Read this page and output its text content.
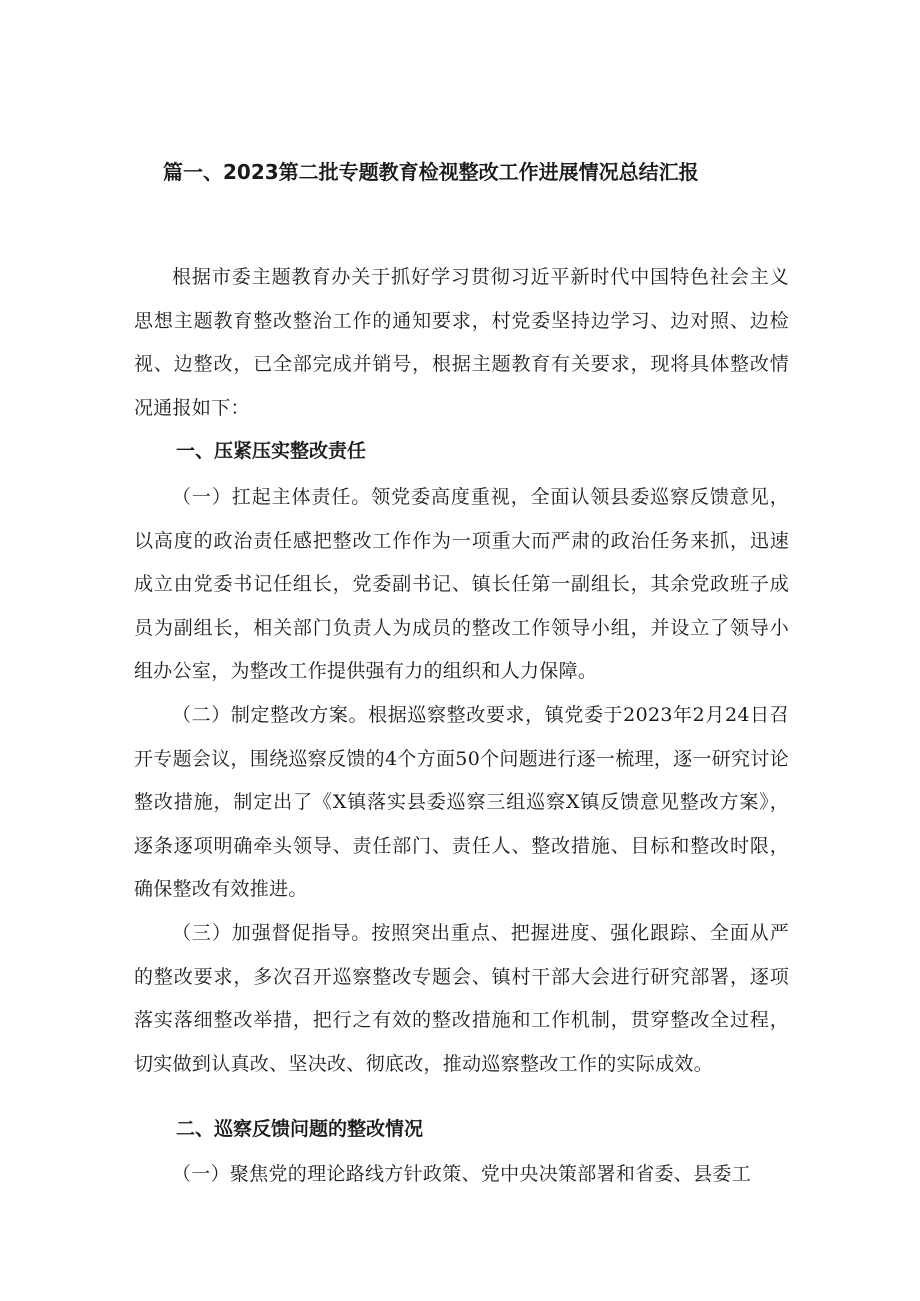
篇一、2023第二批专题教育检视整改工作进展情况总结汇报

根据市委主题教育办关于抓好学习贯彻习近平新时代中国特色社会主义思想主题教育整改整治工作的通知要求，村党委坚持边学习、边对照、边检视、边整改，已全部完成并销号，根据主题教育有关要求，现将具体整改情况通报如下：

一、压紧压实整改责任

（一）扛起主体责任。领党委高度重视，全面认领县委巡察反馈意见，以高度的政治责任感把整改工作作为一项重大而严肃的政治任务来抓，迅速成立由党委书记任组长，党委副书记、镇长任第一副组长，其余党政班子成员为副组长，相关部门负责人为成员的整改工作领导小组，并设立了领导小组办公室，为整改工作提供强有力的组织和人力保障。

（二）制定整改方案。根据巡察整改要求，镇党委于2023年2月24日召开专题会议，围绕巡察反馈的4个方面50个问题进行逐一梳理，逐一研究讨论整改措施，制定出了《X镇落实县委巡察三组巡察X镇反馈意见整改方案》，逐条逐项明确牵头领导、责任部门、责任人、整改措施、目标和整改时限，确保整改有效推进。

（三）加强督促指导。按照突出重点、把握进度、强化跟踪、全面从严的整改要求，多次召开巡察整改专题会、镇村干部大会进行研究部署，逐项落实落细整改举措，把行之有效的整改措施和工作机制，贯穿整改全过程，切实做到认真改、坚决改、彻底改，推动巡察整改工作的实际成效。

二、巡察反馈问题的整改情况

（一）聚焦党的理论路线方针政策、党中央决策部署和省委、县委工
